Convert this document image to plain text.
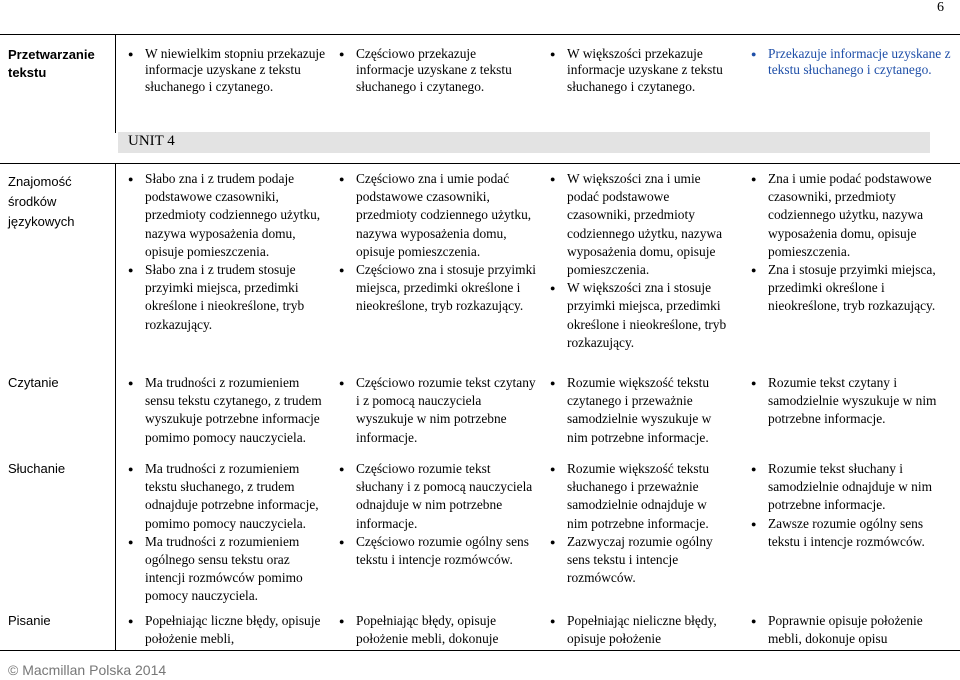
6
Przetwarzanie tekstu
● W niewielkim stopniu przekazuje informacje uzyskane z tekstu słuchanego i czytanego.
● Częściowo przekazuje informacje uzyskane z tekstu słuchanego i czytanego.
● W większości przekazuje informacje uzyskane z tekstu słuchanego i czytanego.
● Przekazuje informacje uzyskane z tekstu słuchanego i czytanego.
UNIT 4
Znajomość środków językowych
Czytanie
Słuchanie
Pisanie
● Słabo zna i z trudem podaje podstawowe czasowniki, przedmioty codziennego użytku, nazywa wyposażenia domu, opisuje pomieszczenia.
● Słabo zna i z trudem stosuje przyimki miejsca, przedimki określone i nieokreślone, tryb rozkazujący.
● Częściowo zna i umie podać podstawowe czasowniki, przedmioty codziennego użytku, nazywa wyposażenia domu, opisuje pomieszczenia.
● Częściowo zna i stosuje przyimki miejsca, przedimki określone i nieokreślone, tryb rozkazujący.
● W większości zna i umie podać podstawowe czasowniki, przedmioty codziennego użytku, nazywa wyposażenia domu, opisuje pomieszczenia.
● W większości zna i stosuje przyimki miejsca, przedimki określone i nieokreślone, tryb rozkazujący.
● Zna i umie podać podstawowe czasowniki, przedmioty codziennego użytku, nazywa wyposażenia domu, opisuje pomieszczenia.
● Zna i stosuje przyimki miejsca, przedimki określone i nieokreślone, tryb rozkazujący.
● Ma trudności z rozumieniem sensu tekstu czytanego, z trudem wyszukuje potrzebne informacje pomimo pomocy nauczyciela.
● Częściowo rozumie tekst czytany i z pomocą nauczyciela wyszukuje w nim potrzebne informacje.
● Rozumie większość tekstu czytanego i przeważnie samodzielnie wyszukuje w nim potrzebne informacje.
● Rozumie tekst czytany i samodzielnie wyszukuje w nim potrzebne informacje.
● Ma trudności z rozumieniem tekstu słuchanego, z trudem odnajduje potrzebne informacje, pomimo pomocy nauczyciela.
● Ma trudności z rozumieniem ogólnego sensu tekstu oraz intencji rozmówców pomimo pomocy nauczyciela.
● Częściowo rozumie tekst słuchany i z pomocą nauczyciela odnajduje w nim potrzebne informacje.
● Częściowo rozumie ogólny sens tekstu i intencje rozmówców.
● Rozumie większość tekstu słuchanego i przeważnie samodzielnie odnajduje w nim potrzebne informacje.
● Zazwyczaj rozumie ogólny sens tekstu i intencje rozmówców.
● Rozumie tekst słuchany i samodzielnie odnajduje w nim potrzebne informacje.
● Zawsze rozumie ogólny sens tekstu i intencje rozmówców.
● Popełniając liczne błędy, opisuje położenie mebli,
● Popełniając błędy, opisuje położenie mebli, dokonuje
● Popełniając nieliczne błędy, opisuje położenie
● Poprawnie opisuje położenie mebli, dokonuje opisu
© Macmillan Polska 2014
